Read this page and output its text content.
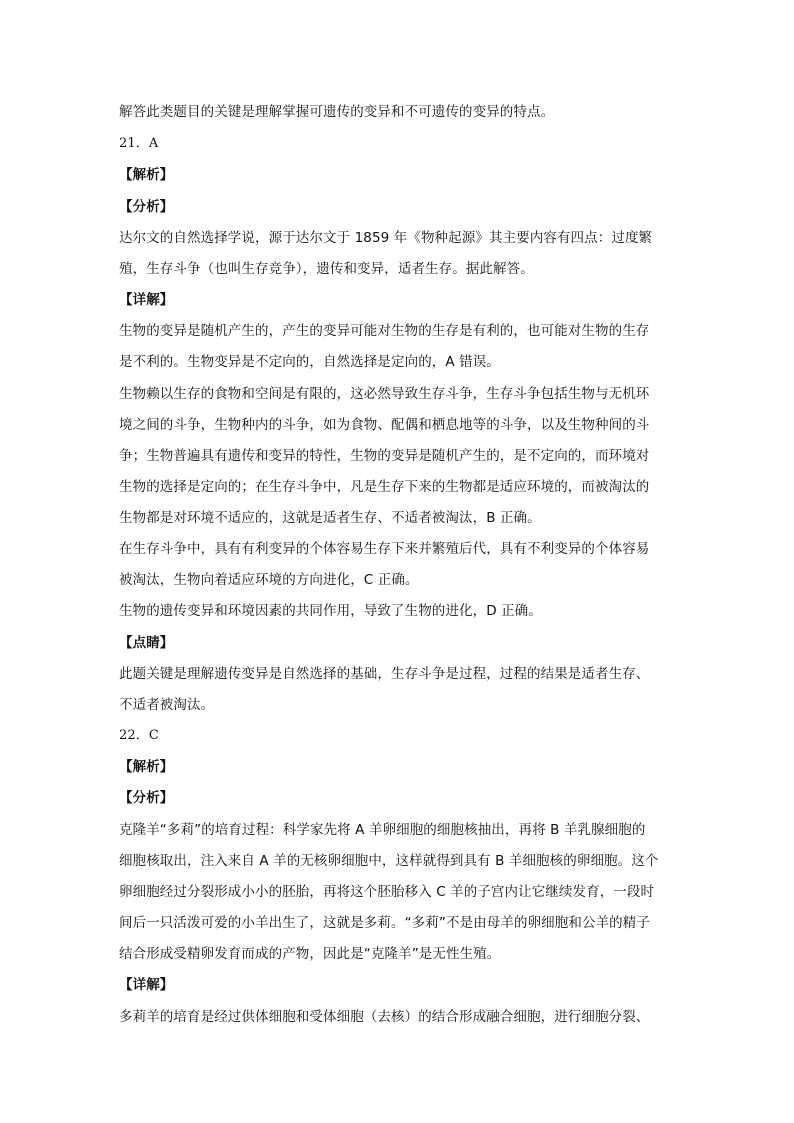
解答此类题目的关键是理解掌握可遗传的变异和不可遗传的变异的特点。
21．A
【解析】
【分析】
达尔文的自然选择学说，源于达尔文于 1859 年《物种起源》其主要内容有四点：过度繁
殖，生存斗争（也叫生存竞争），遗传和变异，适者生存。据此解答。
【详解】
生物的变异是随机产生的，产生的变异可能对生物的生存是有利的，也可能对生物的生存
是不利的。生物变异是不定向的，自然选择是定向的，A 错误。
生物赖以生存的食物和空间是有限的，这必然导致生存斗争，生存斗争包括生物与无机环
境之间的斗争，生物种内的斗争，如为食物、配偶和栖息地等的斗争，以及生物种间的斗
争；生物普遍具有遗传和变异的特性，生物的变异是随机产生的，是不定向的，而环境对
生物的选择是定向的；在生存斗争中，凡是生存下来的生物都是适应环境的，而被淘汰的
生物都是对环境不适应的，这就是适者生存、不适者被淘汰，B 正确。
在生存斗争中，具有有利变异的个体容易生存下来并繁殖后代，具有不利变异的个体容易
被淘汰，生物向着适应环境的方向进化，C 正确。
生物的遗传变异和环境因素的共同作用，导致了生物的进化，D 正确。
【点睛】
此题关键是理解遗传变异是自然选择的基础，生存斗争是过程，过程的结果是适者生存、
不适者被淘汰。
22．C
【解析】
【分析】
克隆羊“多莉”的培育过程：科学家先将 A 羊卵细胞的细胞核抽出，再将 B 羊乳腺细胞的
细胞核取出，注入来自 A 羊的无核卵细胞中，这样就得到具有 B 羊细胞核的卵细胞。这个
卵细胞经过分裂形成小小的胚胎，再将这个胚胎移入 C 羊的子宫内让它继续发育，一段时
间后一只活泼可爱的小羊出生了，这就是多莉。“多莉”不是由母羊的卵细胞和公羊的精子
结合形成受精卵发育而成的产物，因此是“克隆羊”是无性生殖。
【详解】
多莉羊的培育是经过供体细胞和受体细胞（去核）的结合形成融合细胞，进行细胞分裂、
